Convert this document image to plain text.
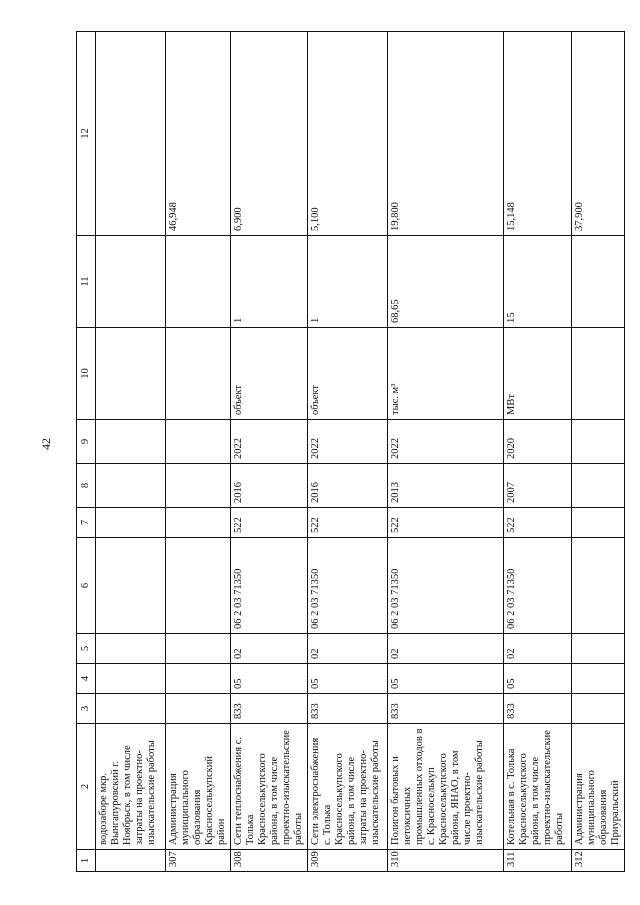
42
1	2	3	4	5	6	7	8	9	10	11	12
	водозаборе мкр. Вынгапуровский г. Ноябрьск, в том числе затраты на проектно-изыскательские работы										
307	Администрация муниципального образования Красноселькупский район										46,948
308	Сети теплоснабжения с. Толька Красноселькупского района, в том числе проектно-изыскательские работы	833	05	02	06 2 03 71350	522	2016	2022	объект	1	6,900
309	Сети электроснабжения с. Толька Красноселькупского района, в том числе затраты на проектно-изыскательские работы	833	05	02	06 2 03 71350	522	2016	2022	объект	1	5,100
310	Полигон бытовых и нетоксичных промышленных отходов в с. Красноселькуп Красноселькупского района, ЯНАО, в том числе проектно-изыскательские работы	833	05	02	06 2 03 71350	522	2013	2022	тыс. м³	68,65	19,800
311	Котельная в с. Толька Красноселькупского района, в том числе проектно-изыскательские работы	833	05	02	06 2 03 71350	522	2007	2020	МВт	15	15,148
312	Администрация муниципального образования Приуральский										37,900
